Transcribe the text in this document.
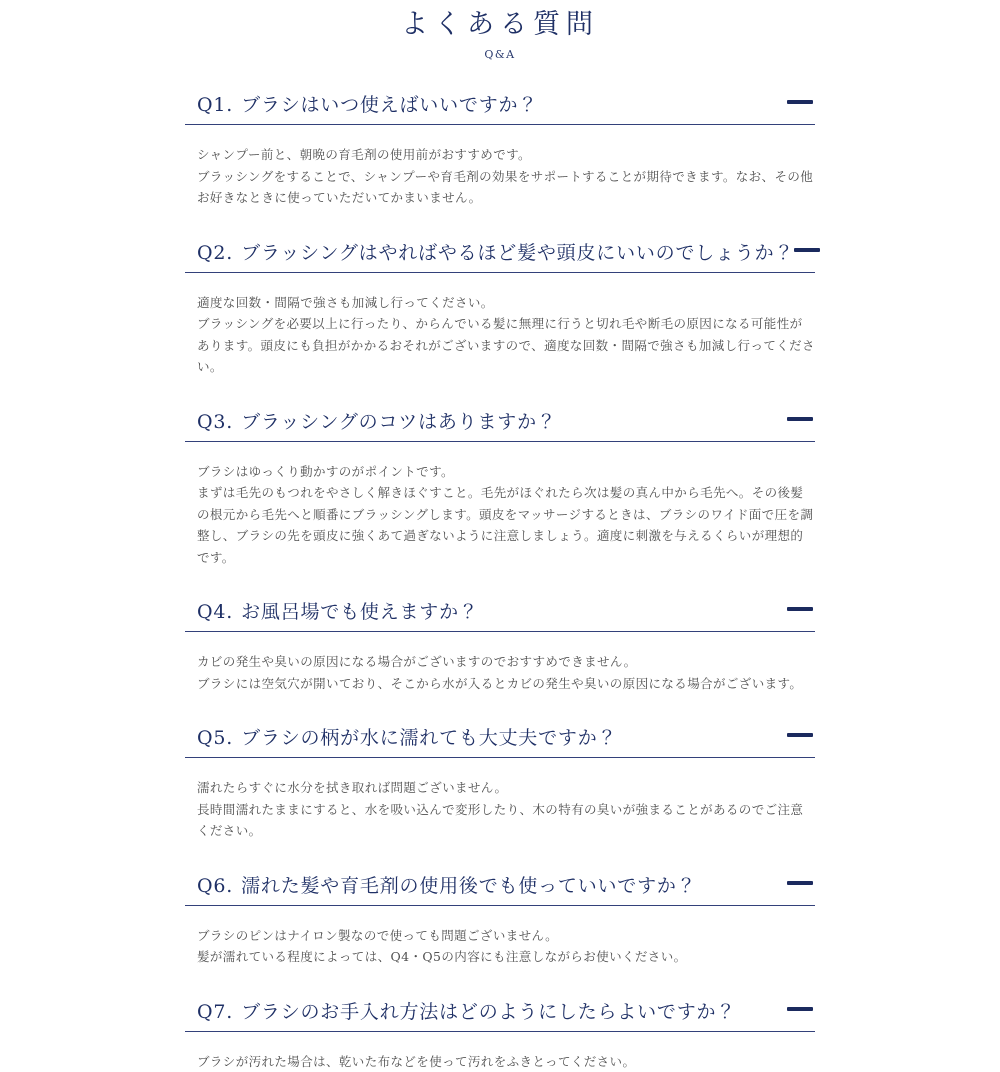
よくある質問
Q&A
Q1. ブラシはいつ使えばいいですか？

シャンプー前と、朝晩の育毛剤の使用前がおすすめです。

ブラッシングをすることで、シャンプーや育毛剤の効果をサポートすることが期待できます。なお、その他お好きなときに使っていただいてかまいません。

Q2. ブラッシングはやればやるほど髪や頭皮にいいのでしょうか？

適度な回数・間隔で強さも加減し行ってください。

ブラッシングを必要以上に行ったり、からんでいる髪に無理に行うと切れ毛や断毛の原因になる可能性があります。頭皮にも負担がかかるおそれがございますので、適度な回数・間隔で強さも加減し行ってください。

Q3. ブラッシングのコツはありますか？

ブラシはゆっくり動かすのがポイントです。

まずは毛先のもつれをやさしく解きほぐすこと。毛先がほぐれたら次は髪の真ん中から毛先へ。その後髪の根元から毛先へと順番にブラッシングします。頭皮をマッサージするときは、ブラシのワイド面で圧を調整し、ブラシの先を頭皮に強くあて過ぎないように注意しましょう。適度に刺激を与えるくらいが理想的です。

Q4. お風呂場でも使えますか？

カビの発生や臭いの原因になる場合がございますのでおすすめできません。

ブラシには空気穴が開いており、そこから水が入るとカビの発生や臭いの原因になる場合がございます。

Q5. ブラシの柄が水に濡れても大丈夫ですか？

濡れたらすぐに水分を拭き取れば問題ございません。

長時間濡れたままにすると、水を吸い込んで変形したり、木の特有の臭いが強まることがあるのでご注意ください。

Q6. 濡れた髪や育毛剤の使用後でも使っていいですか？

ブラシのピンはナイロン製なので使っても問題ございません。

髪が濡れている程度によっては、Q4・Q5の内容にも注意しながらお使いください。

Q7. ブラシのお手入れ方法はどのようにしたらよいですか？

ブラシが汚れた場合は、乾いた布などを使って汚れをふきとってください。
